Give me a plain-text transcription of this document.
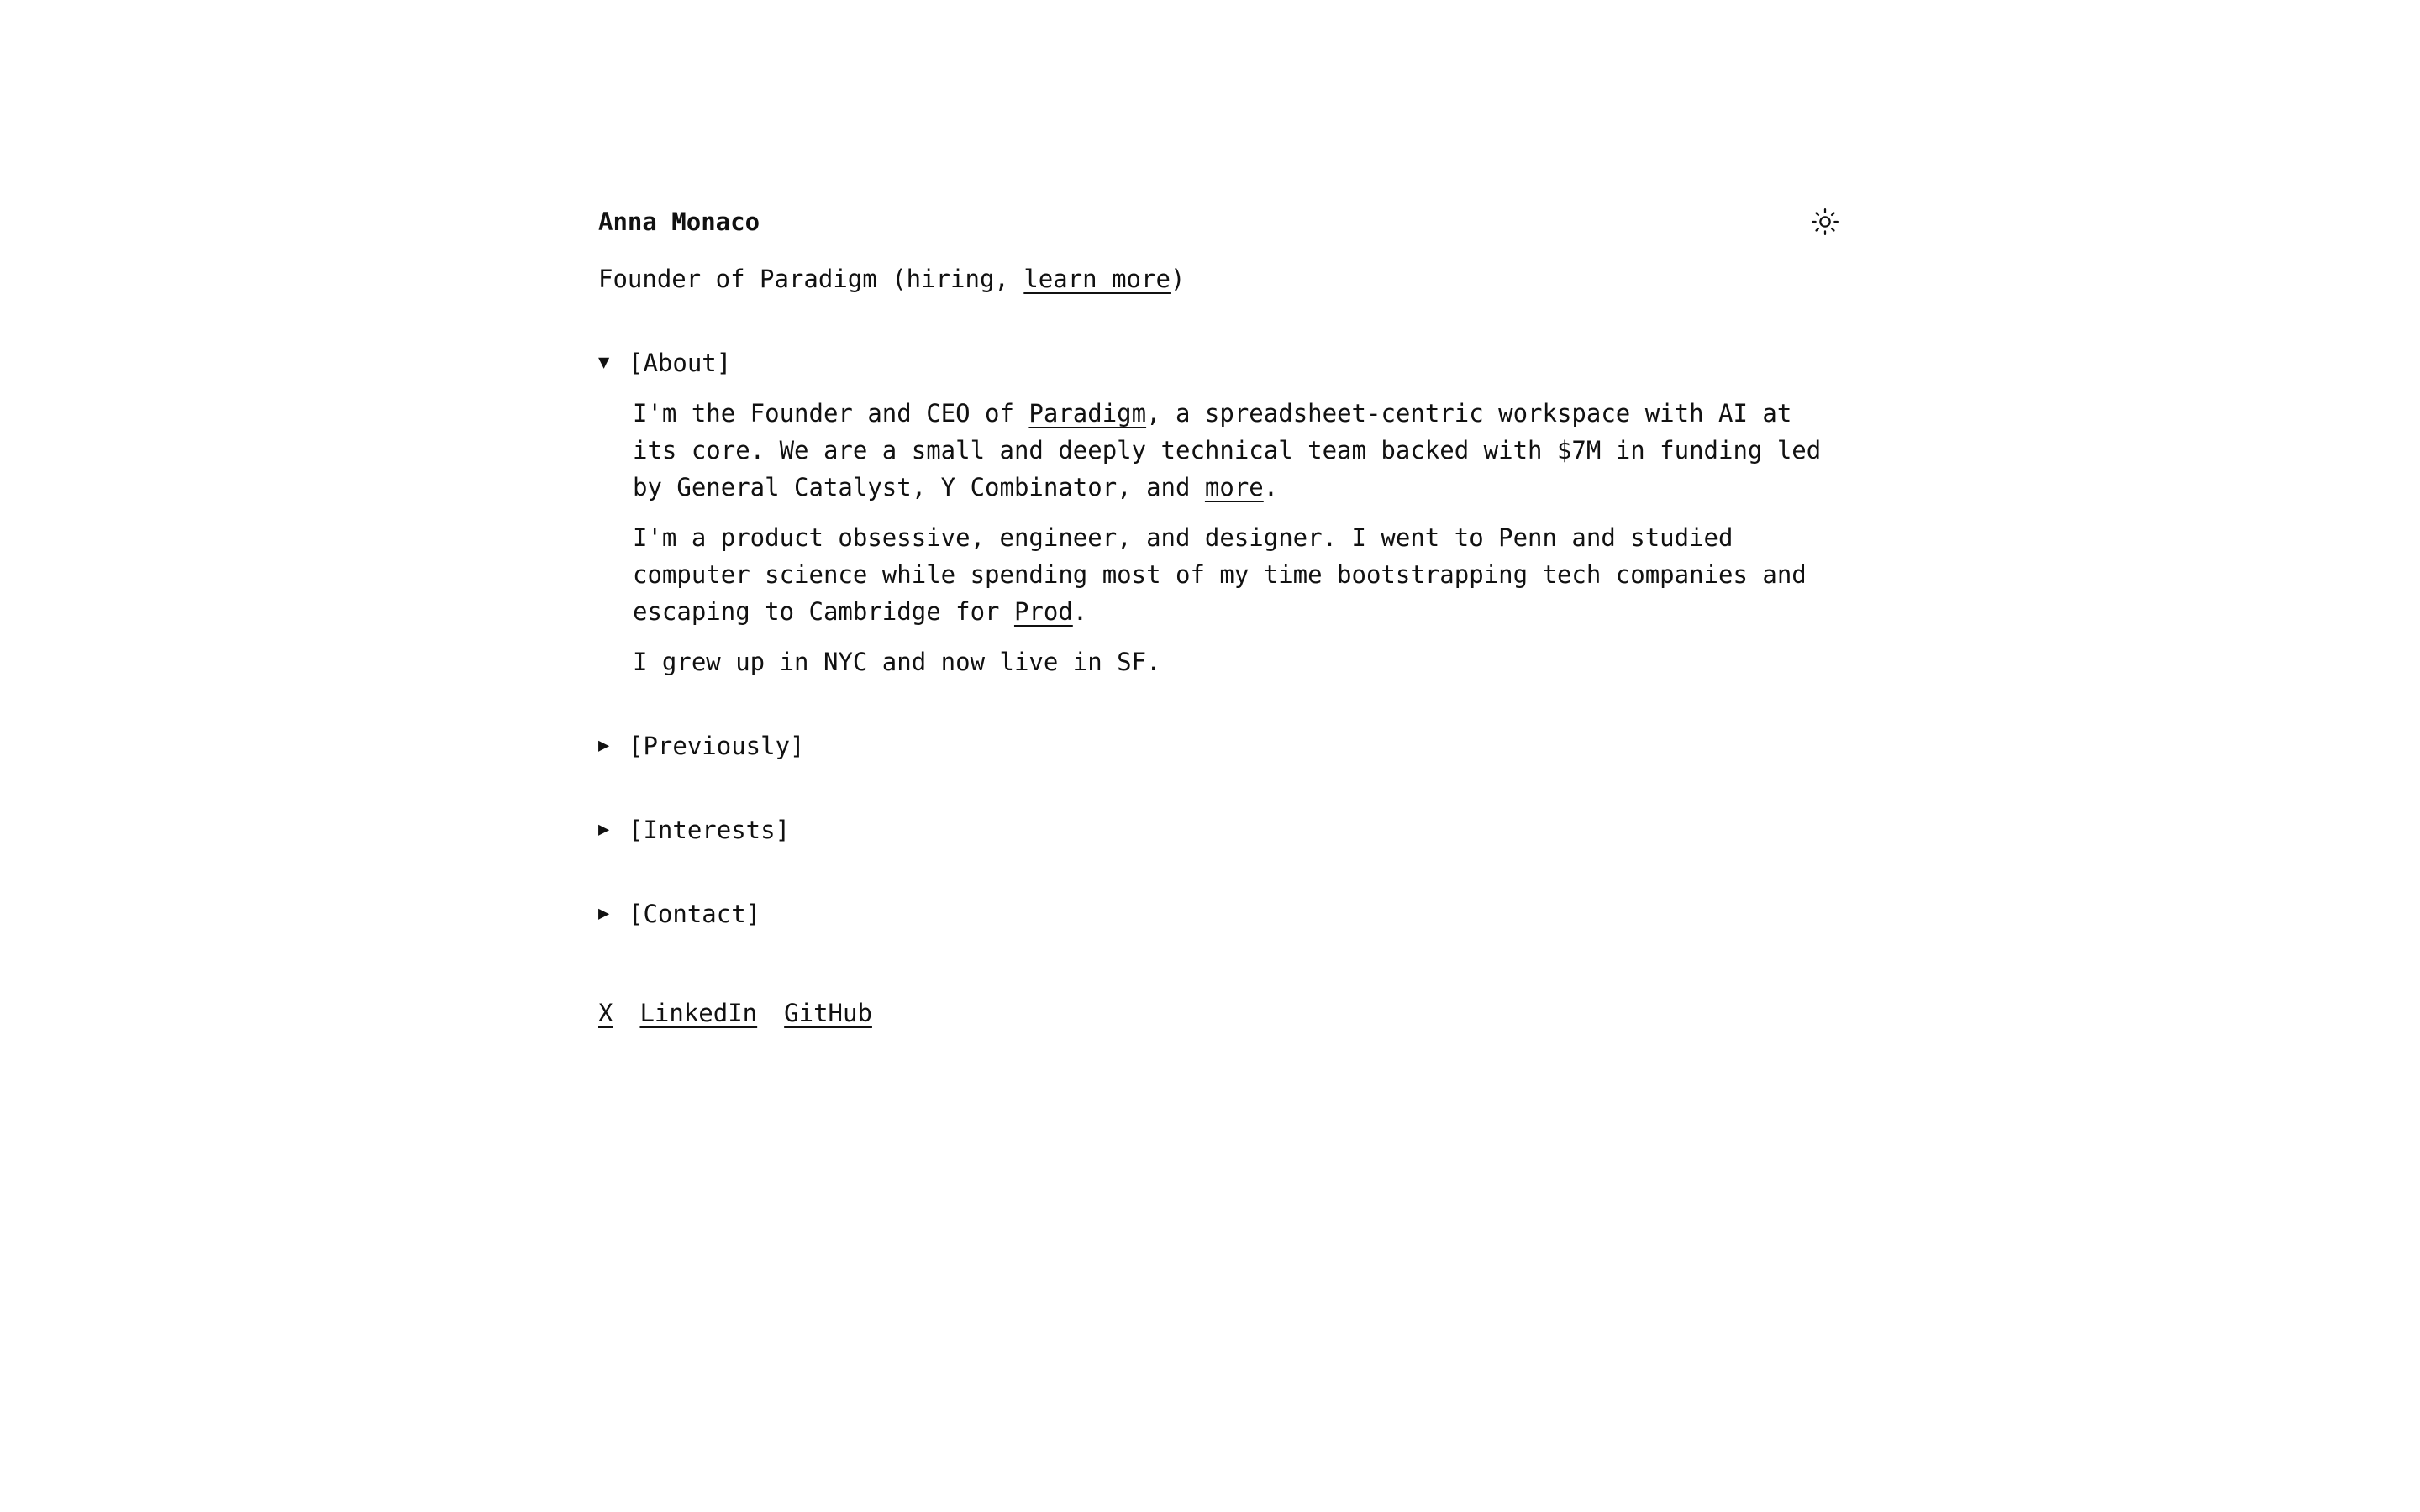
Anna Monaco
Founder of Paradigm (hiring, learn more)
▼ [About]

I'm the Founder and CEO of Paradigm, a spreadsheet-centric workspace with AI at its core. We are a small and deeply technical team backed with $7M in funding led by General Catalyst, Y Combinator, and more.

I'm a product obsessive, engineer, and designer. I went to Penn and studied computer science while spending most of my time bootstrapping tech companies and escaping to Cambridge for Prod.

I grew up in NYC and now live in SF.

▶ [Previously]
▶ [Interests]
▶ [Contact]
X LinkedIn GitHub
